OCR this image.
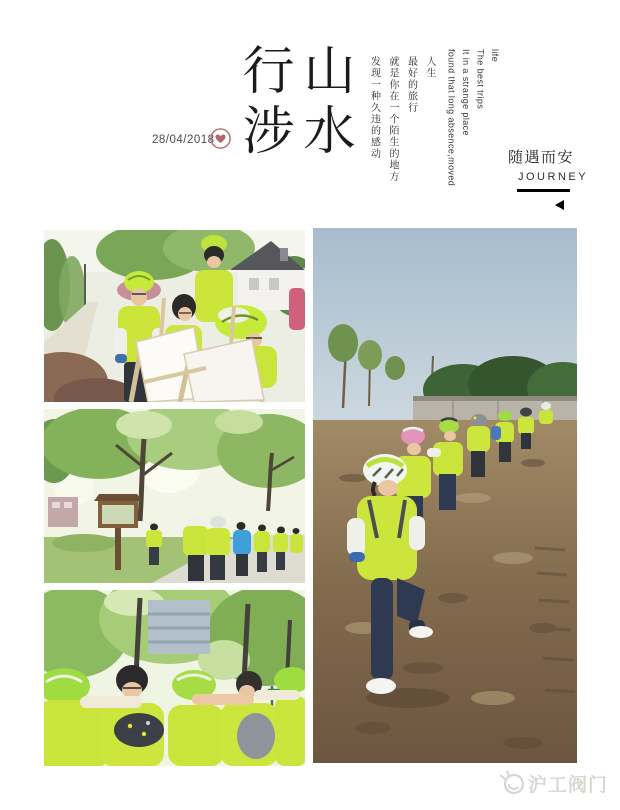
28/04/2018
行 山
涉 水
人生
最好的旅行
就是你在一个陌生的地方
发现一种久违的感动
life
The best trips
It in a strange place
found that long absence,moved	随遇而安
JOURNEY
沪工阀门
